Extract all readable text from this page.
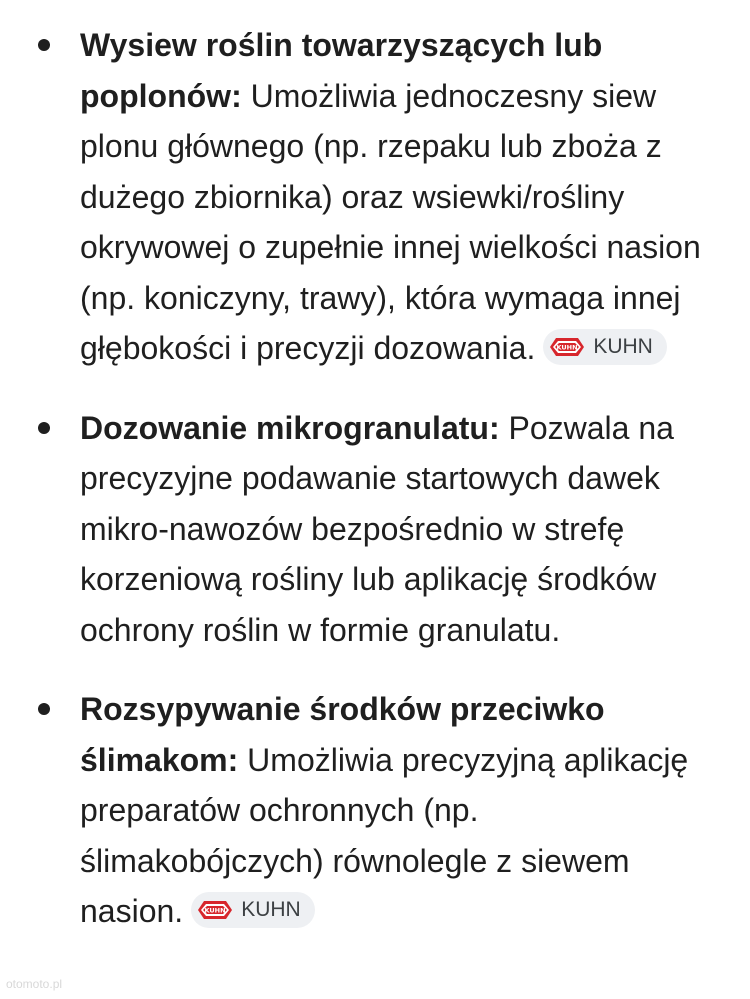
Wysiew roślin towarzyszących lub poplonów: Umożliwia jednoczesny siew plonu głównego (np. rzepaku lub zboża z dużego zbiornika) oraz wsiewki/rośliny okrywowej o zupełnie innej wielkości nasion (np. koniczyny, trawy), która wymaga innej głębokości i precyzji dozowania.	KUHN KUHN
Dozowanie mikrogranulatu: Pozwala na precyzyjne podawanie startowych dawek mikro-nawozów bezpośrednio w strefę korzeniową rośliny lub aplikację środków ochrony roślin w formie granulatu.
Rozsypywanie środków przeciwko ślimakom: Umożliwia precyzyjną aplikację preparatów ochronnych (np. ślimakobójczych) równolegle z siewem nasion.	KUHN KUHN
otomoto.pl
